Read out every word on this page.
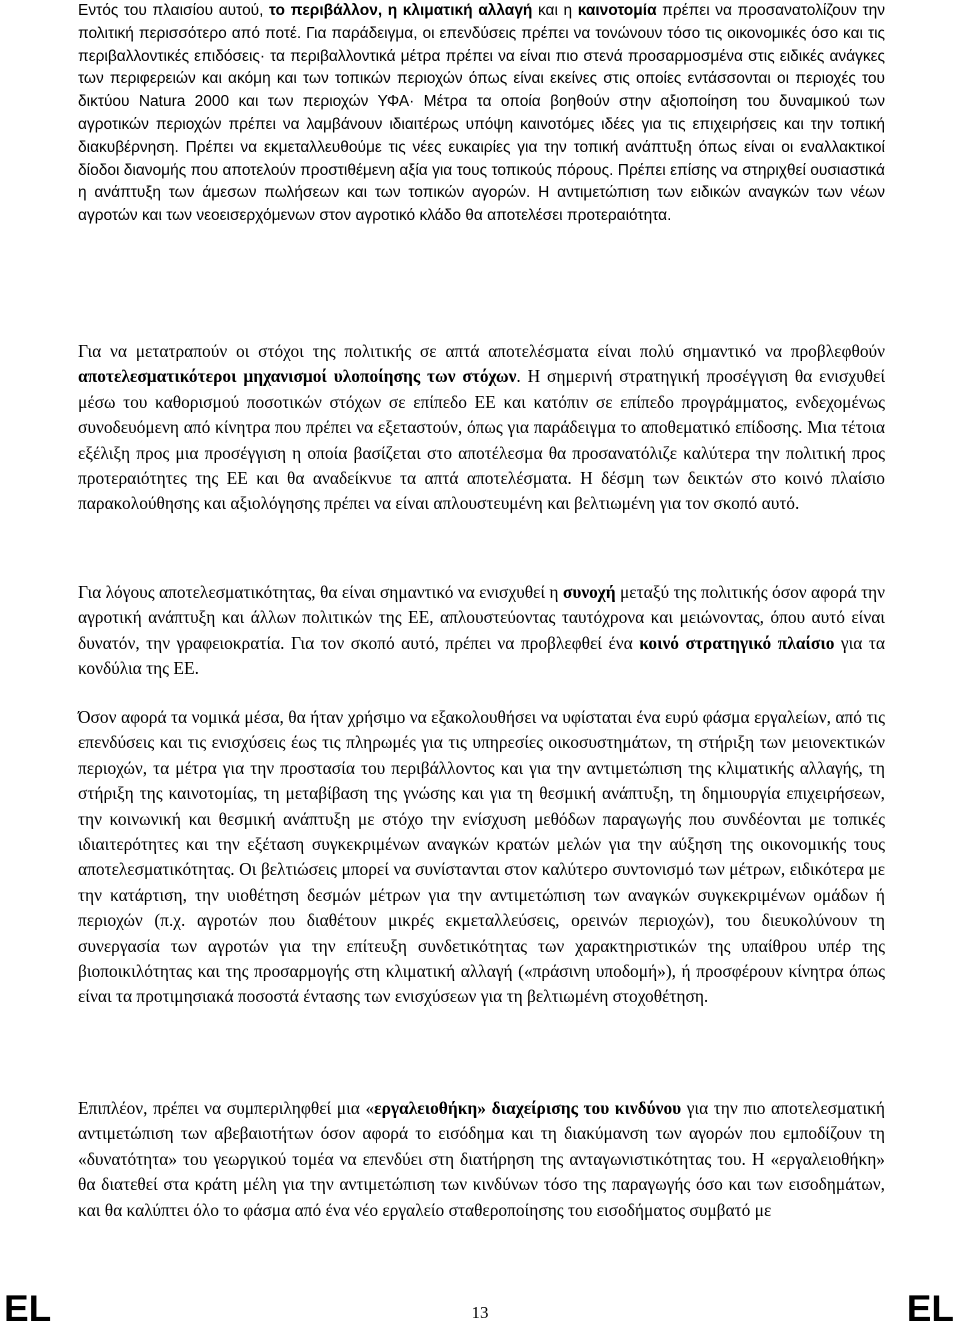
Εντός του πλαισίου αυτού, το περιβάλλον, η κλιματική αλλαγή και η καινοτομία πρέπει να προσανατολίζουν την πολιτική περισσότερο από ποτέ. Για παράδειγμα, οι επενδύσεις πρέπει να τονώνουν τόσο τις οικονομικές όσο και τις περιβαλλοντικές επιδόσεις· τα περιβαλλοντικά μέτρα πρέπει να είναι πιο στενά προσαρμοσμένα στις ειδικές ανάγκες των περιφερειών και ακόμη και των τοπικών περιοχών όπως είναι εκείνες στις οποίες εντάσσονται οι περιοχές του δικτύου Natura 2000 και των περιοχών ΥΦΑ· Μέτρα τα οποία βοηθούν στην αξιοποίηση του δυναμικού των αγροτικών περιοχών πρέπει να λαμβάνουν ιδιαιτέρως υπόψη καινοτόμες ιδέες για τις επιχειρήσεις και την τοπική διακυβέρνηση. Πρέπει να εκμεταλλευθούμε τις νέες ευκαιρίες για την τοπική ανάπτυξη όπως είναι οι εναλλακτικοί δίοδοι διανομής που αποτελούν προστιθέμενη αξία για τους τοπικούς πόρους. Πρέπει επίσης να στηριχθεί ουσιαστικά η ανάπτυξη των άμεσων πωλήσεων και των τοπικών αγορών. Η αντιμετώπιση των ειδικών αναγκών των νέων αγροτών και των νεοεισερχόμενων στον αγροτικό κλάδο θα αποτελέσει προτεραιότητα.

Για να μετατραπούν οι στόχοι της πολιτικής σε απτά αποτελέσματα είναι πολύ σημαντικό να προβλεφθούν αποτελεσματικότεροι μηχανισμοί υλοποίησης των στόχων. Η σημερινή στρατηγική προσέγγιση θα ενισχυθεί μέσω του καθορισμού ποσοτικών στόχων σε επίπεδο ΕΕ και κατόπιν σε επίπεδο προγράμματος, ενδεχομένως συνοδευόμενη από κίνητρα που πρέπει να εξεταστούν, όπως για παράδειγμα το αποθεματικό επίδοσης. Μια τέτοια εξέλιξη προς μια προσέγγιση η οποία βασίζεται στο αποτέλεσμα θα προσανατόλιζε καλύτερα την πολιτική προς προτεραιότητες της ΕΕ και θα αναδείκνυε τα απτά αποτελέσματα. Η δέσμη των δεικτών στο κοινό πλαίσιο παρακολούθησης και αξιολόγησης πρέπει να είναι απλουστευμένη και βελτιωμένη για τον σκοπό αυτό.

Για λόγους αποτελεσματικότητας, θα είναι σημαντικό να ενισχυθεί η συνοχή μεταξύ της πολιτικής όσον αφορά την αγροτική ανάπτυξη και άλλων πολιτικών της ΕΕ, απλουστεύοντας ταυτόχρονα και μειώνοντας, όπου αυτό είναι δυνατόν, την γραφειοκρατία. Για τον σκοπό αυτό, πρέπει να προβλεφθεί ένα κοινό στρατηγικό πλαίσιο για τα κονδύλια της ΕΕ.

Όσον αφορά τα νομικά μέσα, θα ήταν χρήσιμο να εξακολουθήσει να υφίσταται ένα ευρύ φάσμα εργαλείων, από τις επενδύσεις και τις ενισχύσεις έως τις πληρωμές για τις υπηρεσίες οικοσυστημάτων, τη στήριξη των μειονεκτικών περιοχών, τα μέτρα για την προστασία του περιβάλλοντος και για την αντιμετώπιση της κλιματικής αλλαγής, τη στήριξη της καινοτομίας, τη μεταβίβαση της γνώσης και για τη θεσμική ανάπτυξη, τη δημιουργία επιχειρήσεων, την κοινωνική και θεσμική ανάπτυξη με στόχο την ενίσχυση μεθόδων παραγωγής που συνδέονται με τοπικές ιδιαιτερότητες και την εξέταση συγκεκριμένων αναγκών κρατών μελών για την αύξηση της οικονομικής τους αποτελεσματικότητας. Οι βελτιώσεις μπορεί να συνίστανται στον καλύτερο συντονισμό των μέτρων, ειδικότερα με την κατάρτιση, την υιοθέτηση δεσμών μέτρων για την αντιμετώπιση των αναγκών συγκεκριμένων ομάδων ή περιοχών (π.χ. αγροτών που διαθέτουν μικρές εκμεταλλεύσεις, ορεινών περιοχών), του διευκολύνουν τη συνεργασία των αγροτών για την επίτευξη συνδετικότητας των χαρακτηριστικών της υπαίθρου υπέρ της βιοποικιλότητας και της προσαρμογής στη κλιματική αλλαγή («πράσινη υποδομή»), ή προσφέρουν κίνητρα όπως είναι τα προτιμησιακά ποσοστά έντασης των ενισχύσεων για τη βελτιωμένη στοχοθέτηση.

Επιπλέον, πρέπει να συμπεριληφθεί μια «εργαλειοθήκη» διαχείρισης του κινδύνου για την πιο αποτελεσματική αντιμετώπιση των αβεβαιοτήτων όσον αφορά το εισόδημα και τη διακύμανση των αγορών που εμποδίζουν τη «δυνατότητα» του γεωργικού τομέα να επενδύει στη διατήρηση της ανταγωνιστικότητας του. Η «εργαλειοθήκη» θα διατεθεί στα κράτη μέλη για την αντιμετώπιση των κινδύνων τόσο της παραγωγής όσο και των εισοδημάτων, και θα καλύπτει όλο το φάσμα από ένα νέο εργαλείο σταθεροποίησης του εισοδήματος συμβατό με

EL	13	EL
